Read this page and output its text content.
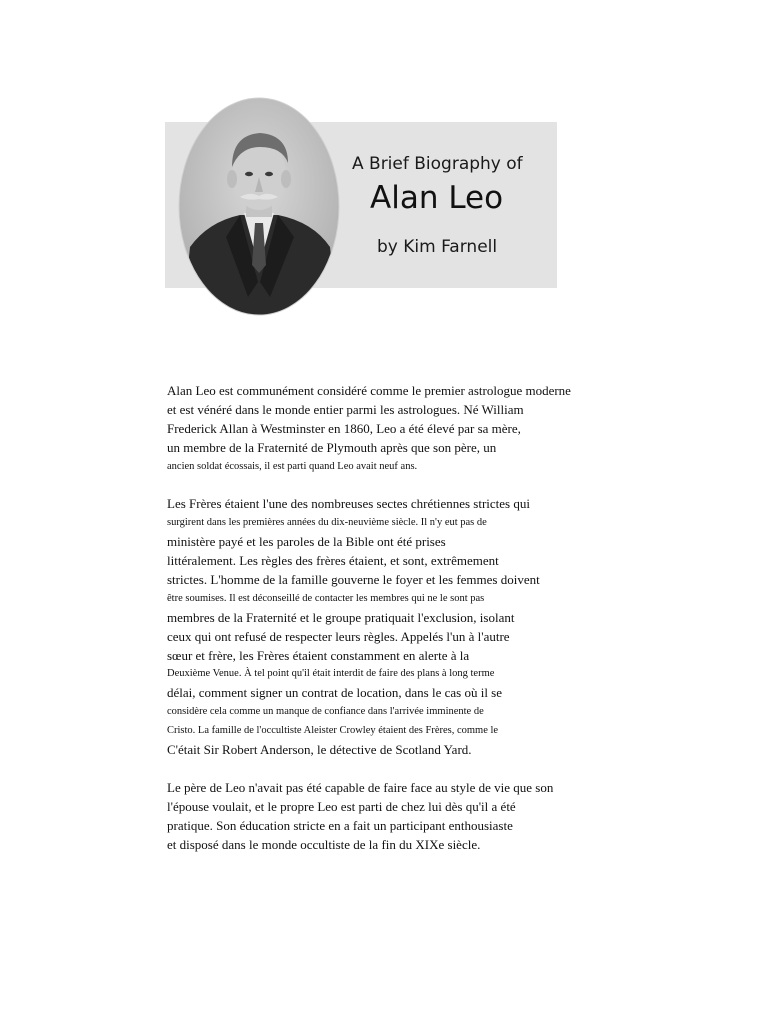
A Brief Biography of
Alan Leo
by Kim Farnell
Alan Leo est communément considéré comme le premier astrologue moderne
et est vénéré dans le monde entier parmi les astrologues. Né William
Frederick Allan à Westminster en 1860, Leo a été élevé par sa mère,
un membre de la Fraternité de Plymouth après que son père, un
ancien soldat écossais, il est parti quand Leo avait neuf ans.
Les Frères étaient l'une des nombreuses sectes chrétiennes strictes qui
surgirent dans les premières années du dix-neuvième siècle. Il n'y eut pas de
ministère payé et les paroles de la Bible ont été prises
littéralement. Les règles des frères étaient, et sont, extrêmement
strictes. L'homme de la famille gouverne le foyer et les femmes doivent
être soumises. Il est déconseillé de contacter les membres qui ne le sont pas
membres de la Fraternité et le groupe pratiquait l'exclusion, isolant
ceux qui ont refusé de respecter leurs règles. Appelés l'un à l'autre
sœur et frère, les Frères étaient constamment en alerte à la
Deuxième Venue. À tel point qu'il était interdit de faire des plans à long terme
délai, comment signer un contrat de location, dans le cas où il se
considère cela comme un manque de confiance dans l'arrivée imminente de
Cristo. La famille de l'occultiste Aleister Crowley étaient des Frères, comme le
C'était Sir Robert Anderson, le détective de Scotland Yard.
Le père de Leo n'avait pas été capable de faire face au style de vie que son
l'épouse voulait, et le propre Leo est parti de chez lui dès qu'il a été
pratique. Son éducation stricte en a fait un participant enthousiaste
et disposé dans le monde occultiste de la fin du XIXe siècle.
